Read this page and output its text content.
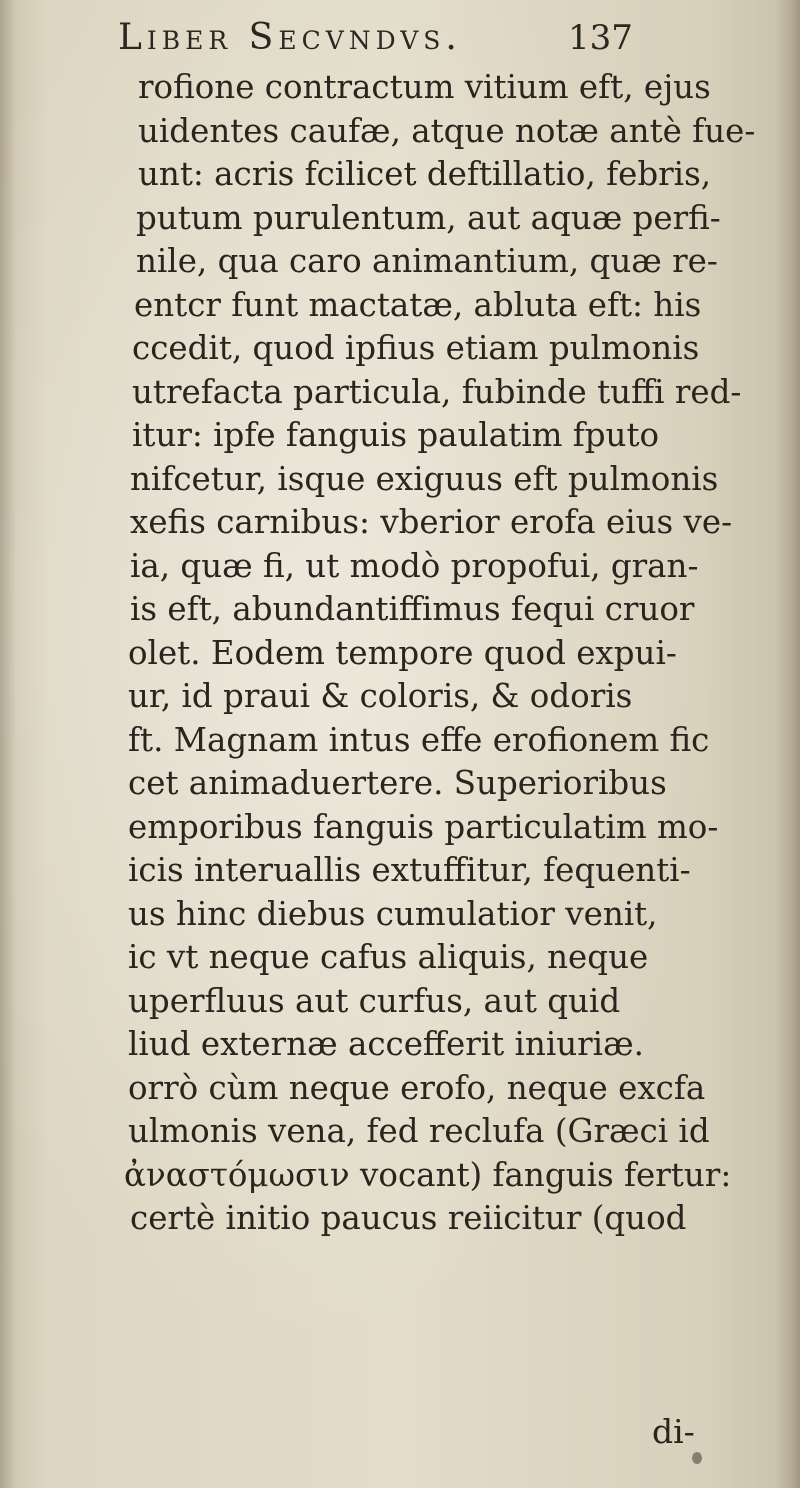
Liber Secvndvs.	137
rofione contractum vitium eft, ejus
uidentes caufæ, atque notæ antè fue-
unt: acris fcilicet deftillatio, febris,
putum purulentum, aut aquæ perfi-
nile, qua caro animantium, quæ re-
entcr funt mactatæ, abluta eft: his
ccedit, quod ipfius etiam pulmonis
utrefacta particula, fubinde tuffi red-
itur: ipfe fanguis paulatim fputo
nifcetur, isque exiguus eft pulmonis
xefis carnibus: vberior erofa eius ve-
ia, quæ fi, ut modò propofui, gran-
is eft, abundantiffimus fequi cruor
olet. Eodem tempore quod expui-
ur, id praui & coloris, & odoris
ft. Magnam intus effe erofionem fic
cet animaduertere. Superioribus
emporibus fanguis particulatim mo-
icis interuallis extuffitur, fequenti-
us hinc diebus cumulatior venit,
ic vt neque cafus aliquis, neque
uperfluus aut curfus, aut quid
liud externæ accefferit iniuriæ.
orrò cùm neque erofo, neque excfa
ulmonis vena, fed reclufa (Græci id
ἀναστόμωσιν vocant) fanguis fertur:
certè initio paucus reiicitur (quod
di-
